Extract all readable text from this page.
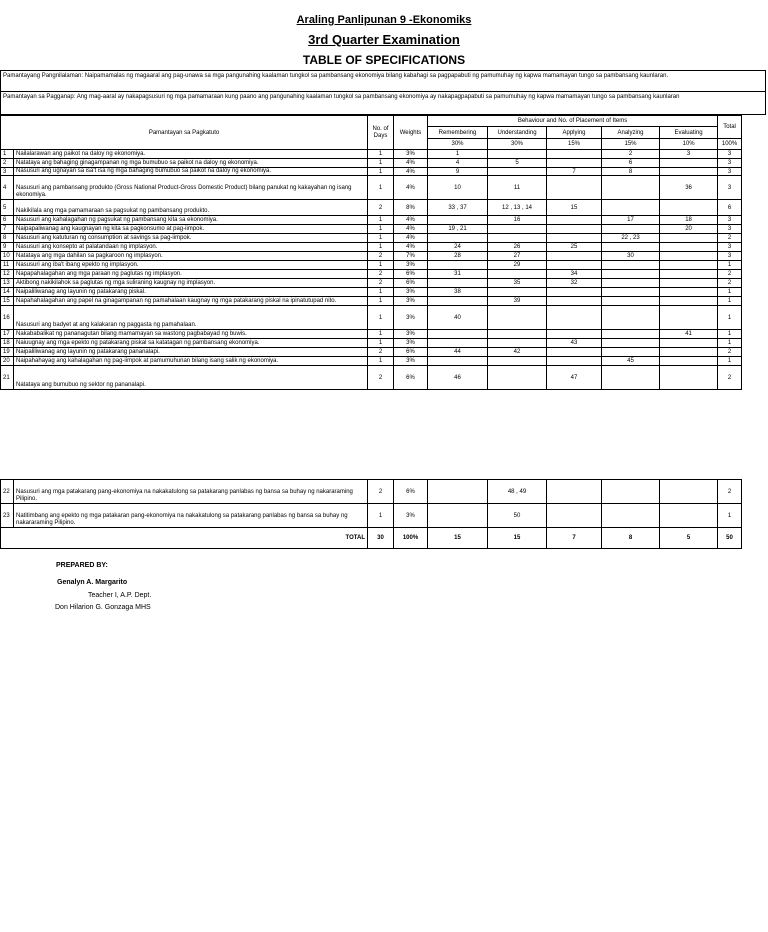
Araling Panlipunan 9 -Ekonomiks
3rd Quarter Examination
TABLE OF SPECIFICATIONS
Pamantayang Pangnilalaman: Naipamamalas ng magaaral ang pag-unawa sa mga pangunahing kaalaman tungkol sa pambansang ekonomiya bilang kabahagi sa pagpapabuti ng pamumuhay ng kapwa mamamayan tungo sa pambansang kaunlaran.
Pamantayan sa Pagganap: Ang mag-aaral ay nakapagsusuri ng mga pamamaraan kung paano ang pangunahing kaalaman tungkol sa pambansang ekonomiya ay nakapagpapabuti sa pamumuhay ng kapwa mamamayan tungo sa pambansang kaunlaran
Pamantayan sa Pagkatuto		No. of Days	Weights	Behaviour and No. of Placement of Items					Total
				Remembering	Understanding	Applying	Analyzing	Evaluating	
				30%	30%	15%	15%	10%	100%
1	Nailalarawan ang paikot na daloy ng ekonomiya.	1	3%	1			2	3	3
2	Natataya ang bahaging ginagampanan ng mga bumubuo sa paikot na daloy ng ekonomiya.	1	4%	4	5		6		3
3	Nasusuri ang ugnayan sa isa't isa ng mga bahaging bumubuo sa paikot na daloy ng ekonomiya.	1	4%	9		7	8		3
4	Nasusuri ang pambansang produkto (Gross National Product-Gross Domestic Product) bilang panukat ng kakayahan ng isang ekonomiya.	1	4%	10	11			36	3
5	Nakikilala ang mga pamamaraan sa pagsukat ng pambansang produkto.	2	8%	33 , 37	12 , 13 , 14	15			6
6	Nasusuri ang kahalagahan ng pagsukat ng pambansang kita sa ekonomiya.	1	4%		16		17	18	3
7	Naipapaliwanag ang kaugnayan ng kita sa pagkonsumo at pag-iimpok.	1	4%	19 , 21				20	3
8	Nasusuri ang katuturan ng consumption at savings sa pag-iimpok.	1	4%				22 , 23		2
9	Nasusuri ang konsepto at palatandaan ng implasyon.	1	4%	24	26	25			3
10	Natataya ang mga dahilan sa pagkaroon ng implasyon.	2	7%	28	27		30		3
11	Nasusuri ang iba't ibang epekto ng implasyon.	1	3%		29				1
12	Napapahalagahan ang mga paraan ng paglutas ng implasyon.	2	6%	31		34			2
13	Aktibong nakikilahok sa paglutas ng mga suliraning kaugnay ng implasyon.	2	6%		35	32			2
14	Naipaliliwanag ang layunin ng patakarang piskal.	1	3%	38					1
15	Napahahalagahan ang papel na ginagampanan ng pamahalaan kaugnay ng mga patakarang piskal na ipinatutupad nito.	1	3%		39				1
16	Nasusuri ang badyet at ang kalakaran ng paggasta ng pamahalaan.	1	3%	40					1
17	Nakababalikat ng pananagutan bilang mamamayan sa wastong pagbabayad ng buwis.	1	3%					41	1
18	Naiuugnay ang mga epekto ng patakarang piskal sa katatagan ng pambansang ekonomiya.	1	3%			43			1
19	Naipaliliwanag ang layunin ng patakarang pananalapi.	2	6%	44	42				2
20	Naipahahayag ang kahalagahan ng pag-iimpok at pamumuhunan bilang isang salik ng ekonomiya.	1	3%				45		1
21	Natataya ang bumubuo ng sektor ng pananalapi.	2	6%	46		47			2
22	Nasusuri ang mga patakarang pang-ekonomiya na nakakatulong sa patakarang panlabas ng bansa sa buhay ng nakararaming Pilipino.	2	6%		48 , 49				2
23	Natitimbang ang epekto ng mga patakaran pang-ekonomiya na nakakatulong sa patakarang panlabas ng bansa sa buhay ng nakararaming Pilipino.	1	3%		50				1
TOTAL		30	100%	15	15	7	8	5	50
PREPARED BY:
Genalyn A. Margarito
Teacher I, A.P. Dept.
Don Hilarion G. Gonzaga MHS
